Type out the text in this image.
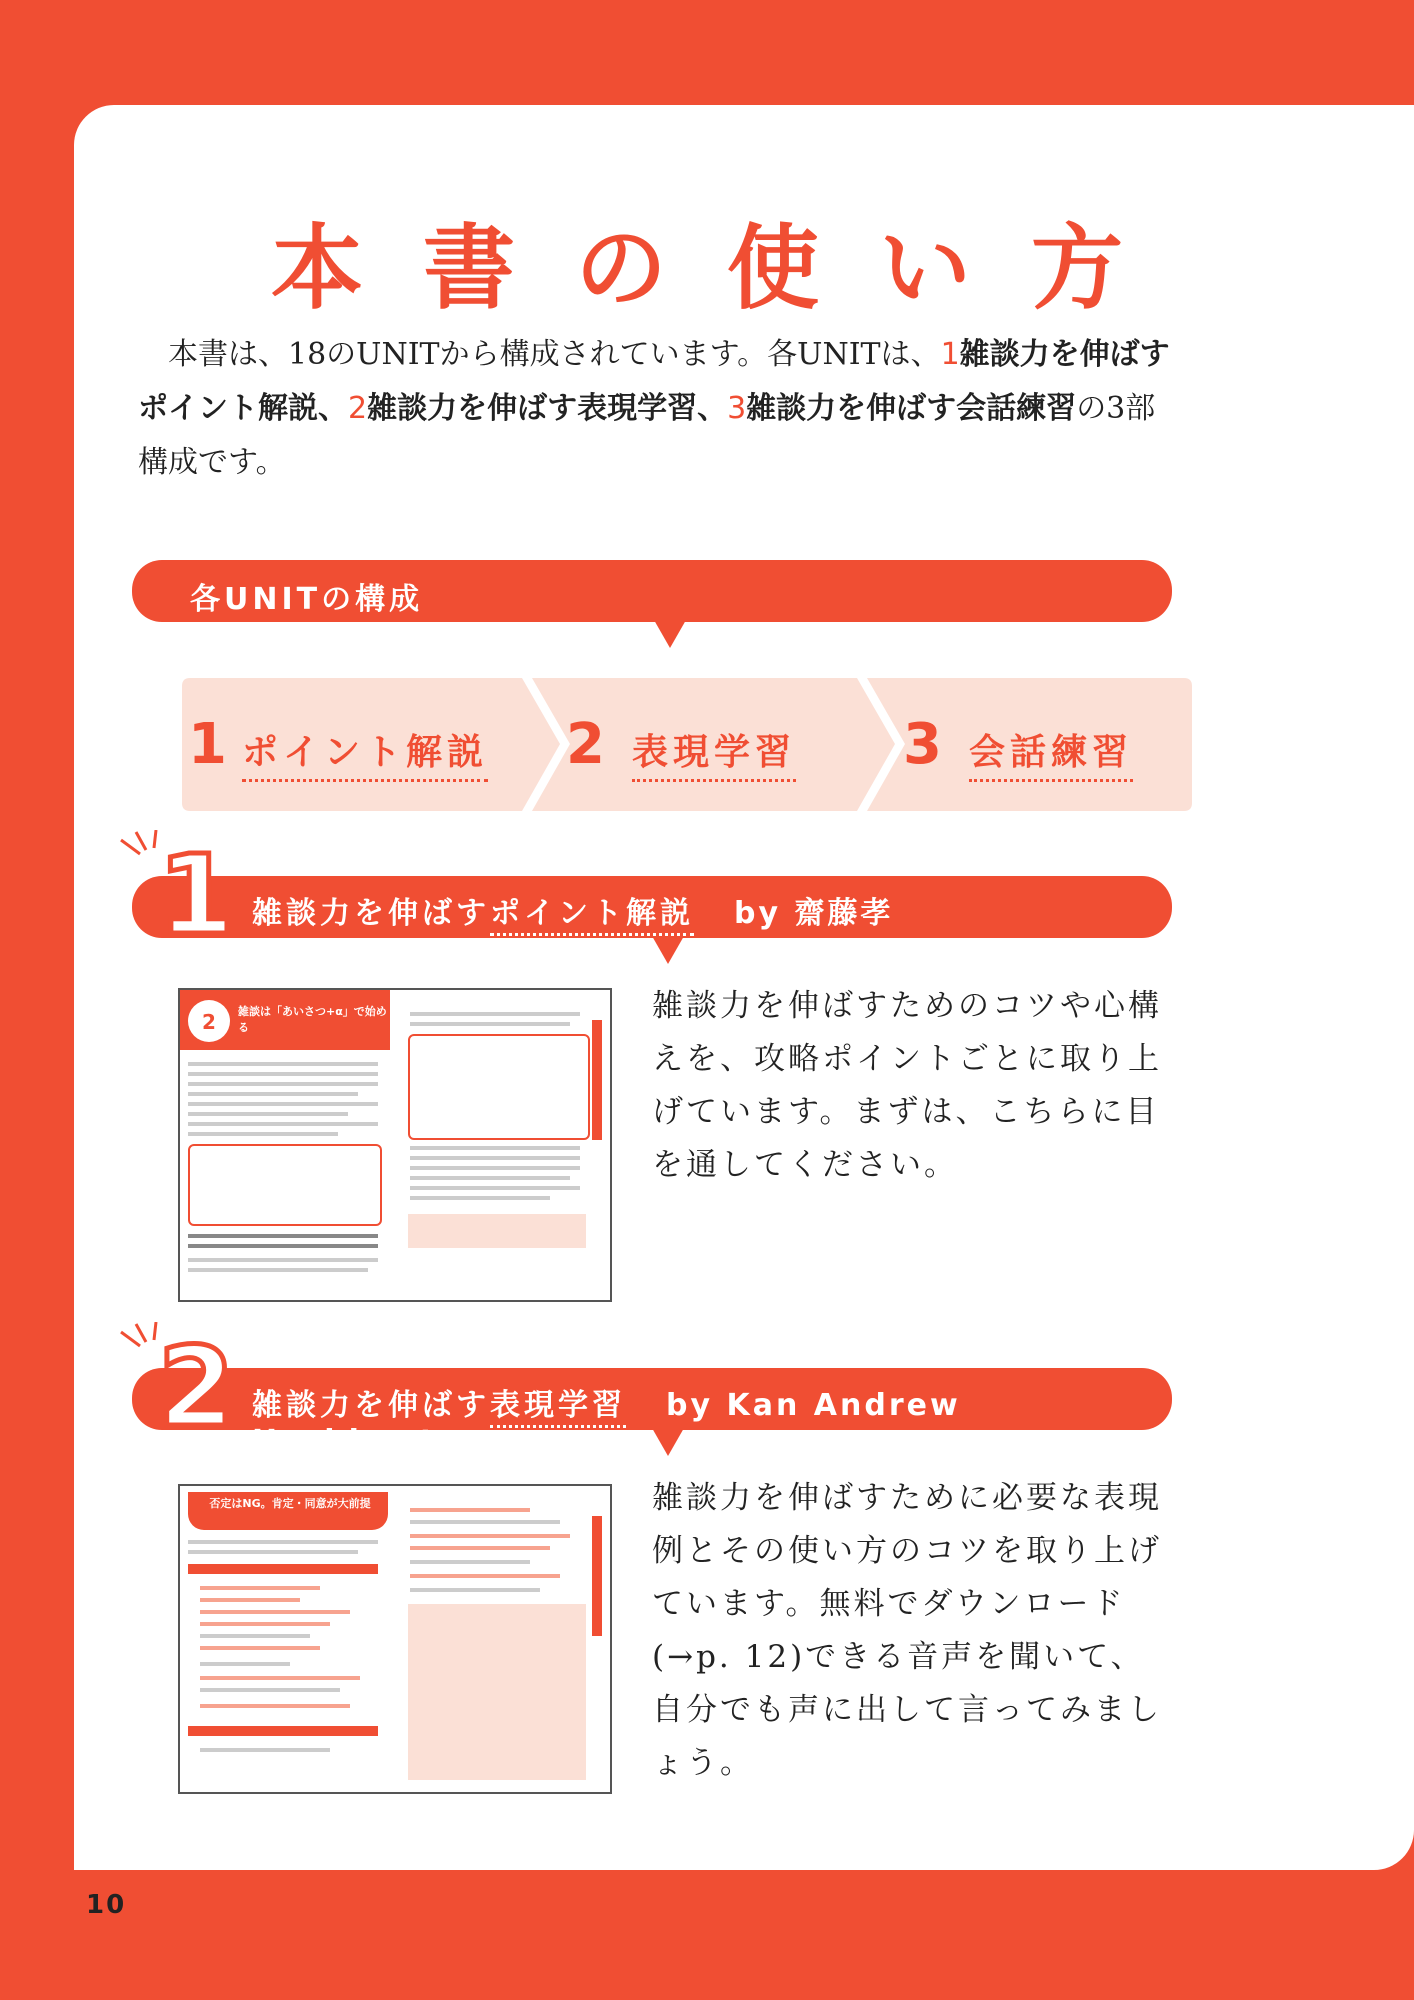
本書の使い方
本書は、18のUNITから構成されています。各UNITは、1雑談力を伸ばすポイント解説、2雑談力を伸ばす表現学習、3雑談力を伸ばす会話練習の3部構成です。
各UNITの構成
1 ポイント解説 2 表現学習 3 会話練習
雑談力を伸ばすポイント解説 by 齋藤孝
1
2	雑談は「あいさつ+α」で始める
雑談力を伸ばすためのコツや心構えを、攻略ポイントごとに取り上げています。まずは、こちらに目を通してください。
雑談力を伸ばす表現学習 by Kan Andrew Hashimoto
2
否定はNG。肯定・同意が大前提	雑談力を伸ばすために必要な表現例とその使い方のコツを取り上げています。無料でダウンロード(→p. 12)できる音声を聞いて、自分でも声に出して言ってみましょう。
10
